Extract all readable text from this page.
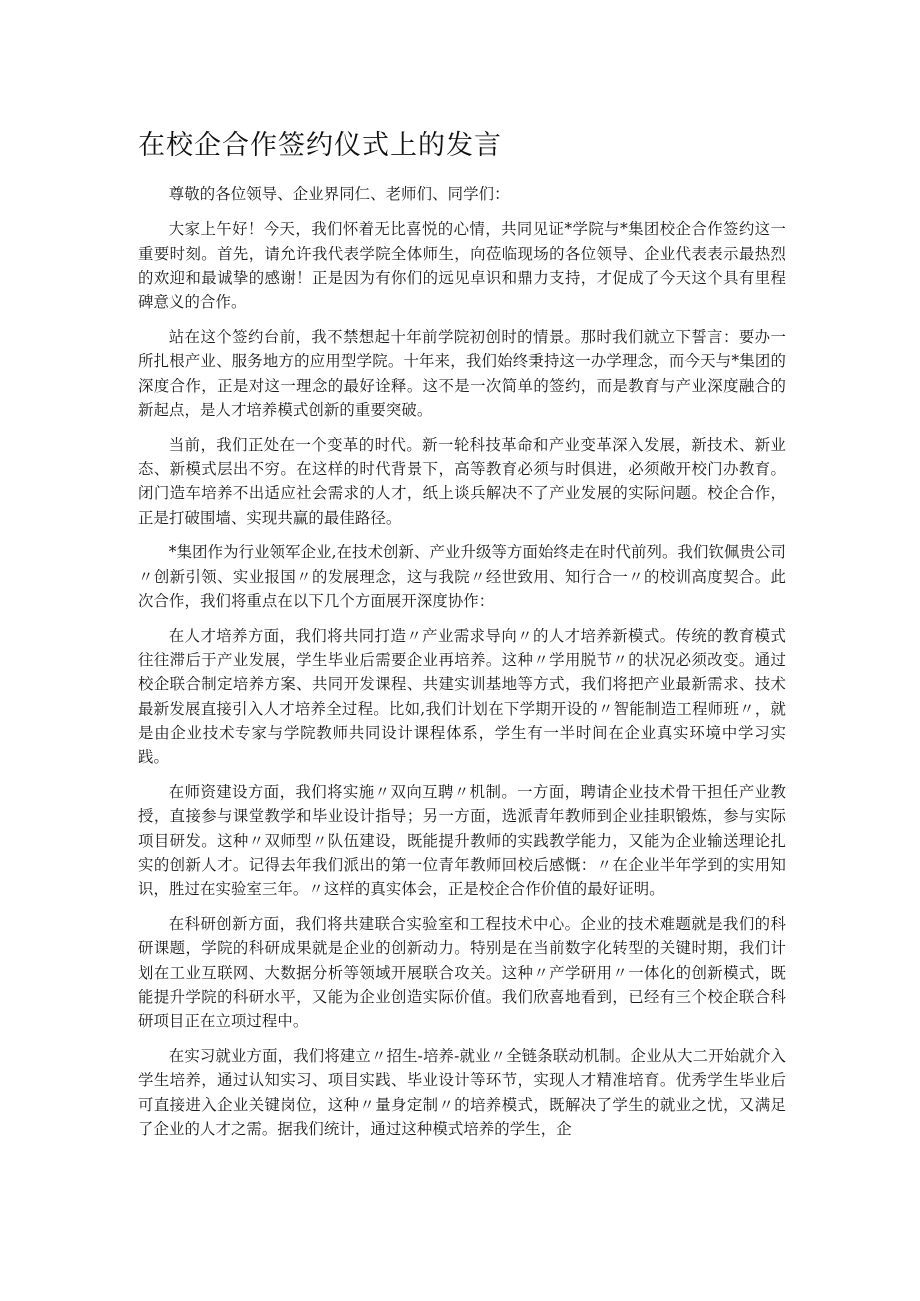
在校企合作签约仪式上的发言

尊敬的各位领导、企业界同仁、老师们、同学们：

大家上午好！今天，我们怀着无比喜悦的心情，共同见证*学院与*集团校企合作签约这一重要时刻。首先，请允许我代表学院全体师生，向莅临现场的各位领导、企业代表表示最热烈的欢迎和最诚挚的感谢！正是因为有你们的远见卓识和鼎力支持，才促成了今天这个具有里程碑意义的合作。

站在这个签约台前，我不禁想起十年前学院初创时的情景。那时我们就立下誓言：要办一所扎根产业、服务地方的应用型学院。十年来，我们始终秉持这一办学理念，而今天与*集团的深度合作，正是对这一理念的最好诠释。这不是一次简单的签约，而是教育与产业深度融合的新起点，是人才培养模式创新的重要突破。

当前，我们正处在一个变革的时代。新一轮科技革命和产业变革深入发展，新技术、新业态、新模式层出不穷。在这样的时代背景下，高等教育必须与时俱进，必须敞开校门办教育。闭门造车培养不出适应社会需求的人才，纸上谈兵解决不了产业发展的实际问题。校企合作，正是打破围墙、实现共赢的最佳路径。

*集团作为行业领军企业,在技术创新、产业升级等方面始终走在时代前列。我们钦佩贵公司〃创新引领、实业报国〃的发展理念，这与我院〃经世致用、知行合一〃的校训高度契合。此次合作，我们将重点在以下几个方面展开深度协作：

在人才培养方面，我们将共同打造〃产业需求导向〃的人才培养新模式。传统的教育模式往往滞后于产业发展，学生毕业后需要企业再培养。这种〃学用脱节〃的状况必须改变。通过校企联合制定培养方案、共同开发课程、共建实训基地等方式，我们将把产业最新需求、技术最新发展直接引入人才培养全过程。比如,我们计划在下学期开设的〃智能制造工程师班〃，就是由企业技术专家与学院教师共同设计课程体系，学生有一半时间在企业真实环境中学习实践。

在师资建设方面，我们将实施〃双向互聘〃机制。一方面，聘请企业技术骨干担任产业教授，直接参与课堂教学和毕业设计指导；另一方面，选派青年教师到企业挂职锻炼，参与实际项目研发。这种〃双师型〃队伍建设，既能提升教师的实践教学能力，又能为企业输送理论扎实的创新人才。记得去年我们派出的第一位青年教师回校后感慨：〃在企业半年学到的实用知识，胜过在实验室三年。〃这样的真实体会，正是校企合作价值的最好证明。

在科研创新方面，我们将共建联合实验室和工程技术中心。企业的技术难题就是我们的科研课题，学院的科研成果就是企业的创新动力。特别是在当前数字化转型的关键时期，我们计划在工业互联网、大数据分析等领域开展联合攻关。这种〃产学研用〃一体化的创新模式，既能提升学院的科研水平，又能为企业创造实际价值。我们欣喜地看到，已经有三个校企联合科研项目正在立项过程中。

在实习就业方面，我们将建立〃招生-培养-就业〃全链条联动机制。企业从大二开始就介入学生培养，通过认知实习、项目实践、毕业设计等环节，实现人才精准培育。优秀学生毕业后可直接进入企业关键岗位，这种〃量身定制〃的培养模式，既解决了学生的就业之忧，又满足了企业的人才之需。据我们统计，通过这种模式培养的学生，企
